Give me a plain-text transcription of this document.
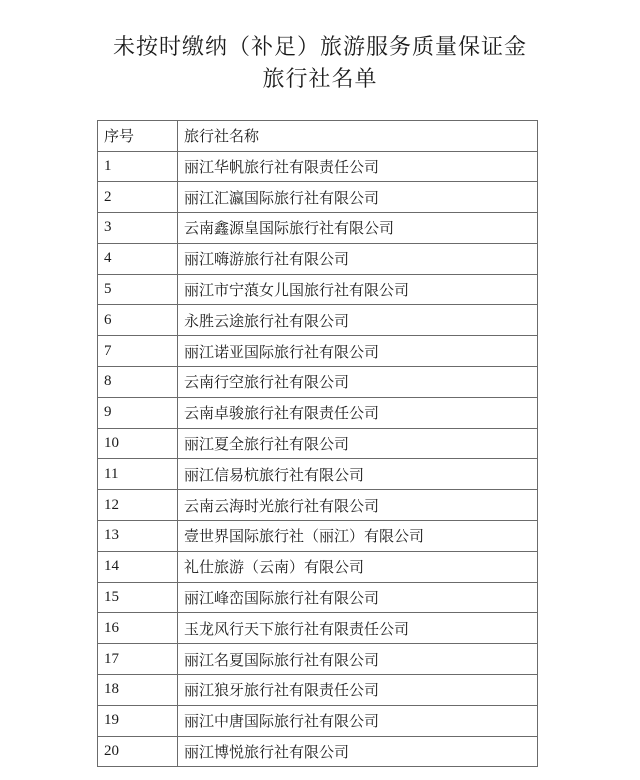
未按时缴纳（补足）旅游服务质量保证金
旅行社名单
序号	旅行社名称
1	丽江华帆旅行社有限责任公司
2	丽江汇瀛国际旅行社有限公司
3	云南鑫源皇国际旅行社有限公司
4	丽江嗨游旅行社有限公司
5	丽江市宁蒗女儿国旅行社有限公司
6	永胜云途旅行社有限公司
7	丽江诺亚国际旅行社有限公司
8	云南行空旅行社有限公司
9	云南卓骏旅行社有限责任公司
10	丽江夏全旅行社有限公司
11	丽江信易杭旅行社有限公司
12	云南云海时光旅行社有限公司
13	壹世界国际旅行社（丽江）有限公司
14	礼仕旅游（云南）有限公司
15	丽江峰峦国际旅行社有限公司
16	玉龙风行天下旅行社有限责任公司
17	丽江名夏国际旅行社有限公司
18	丽江狼牙旅行社有限责任公司
19	丽江中唐国际旅行社有限公司
20	丽江博悦旅行社有限公司
